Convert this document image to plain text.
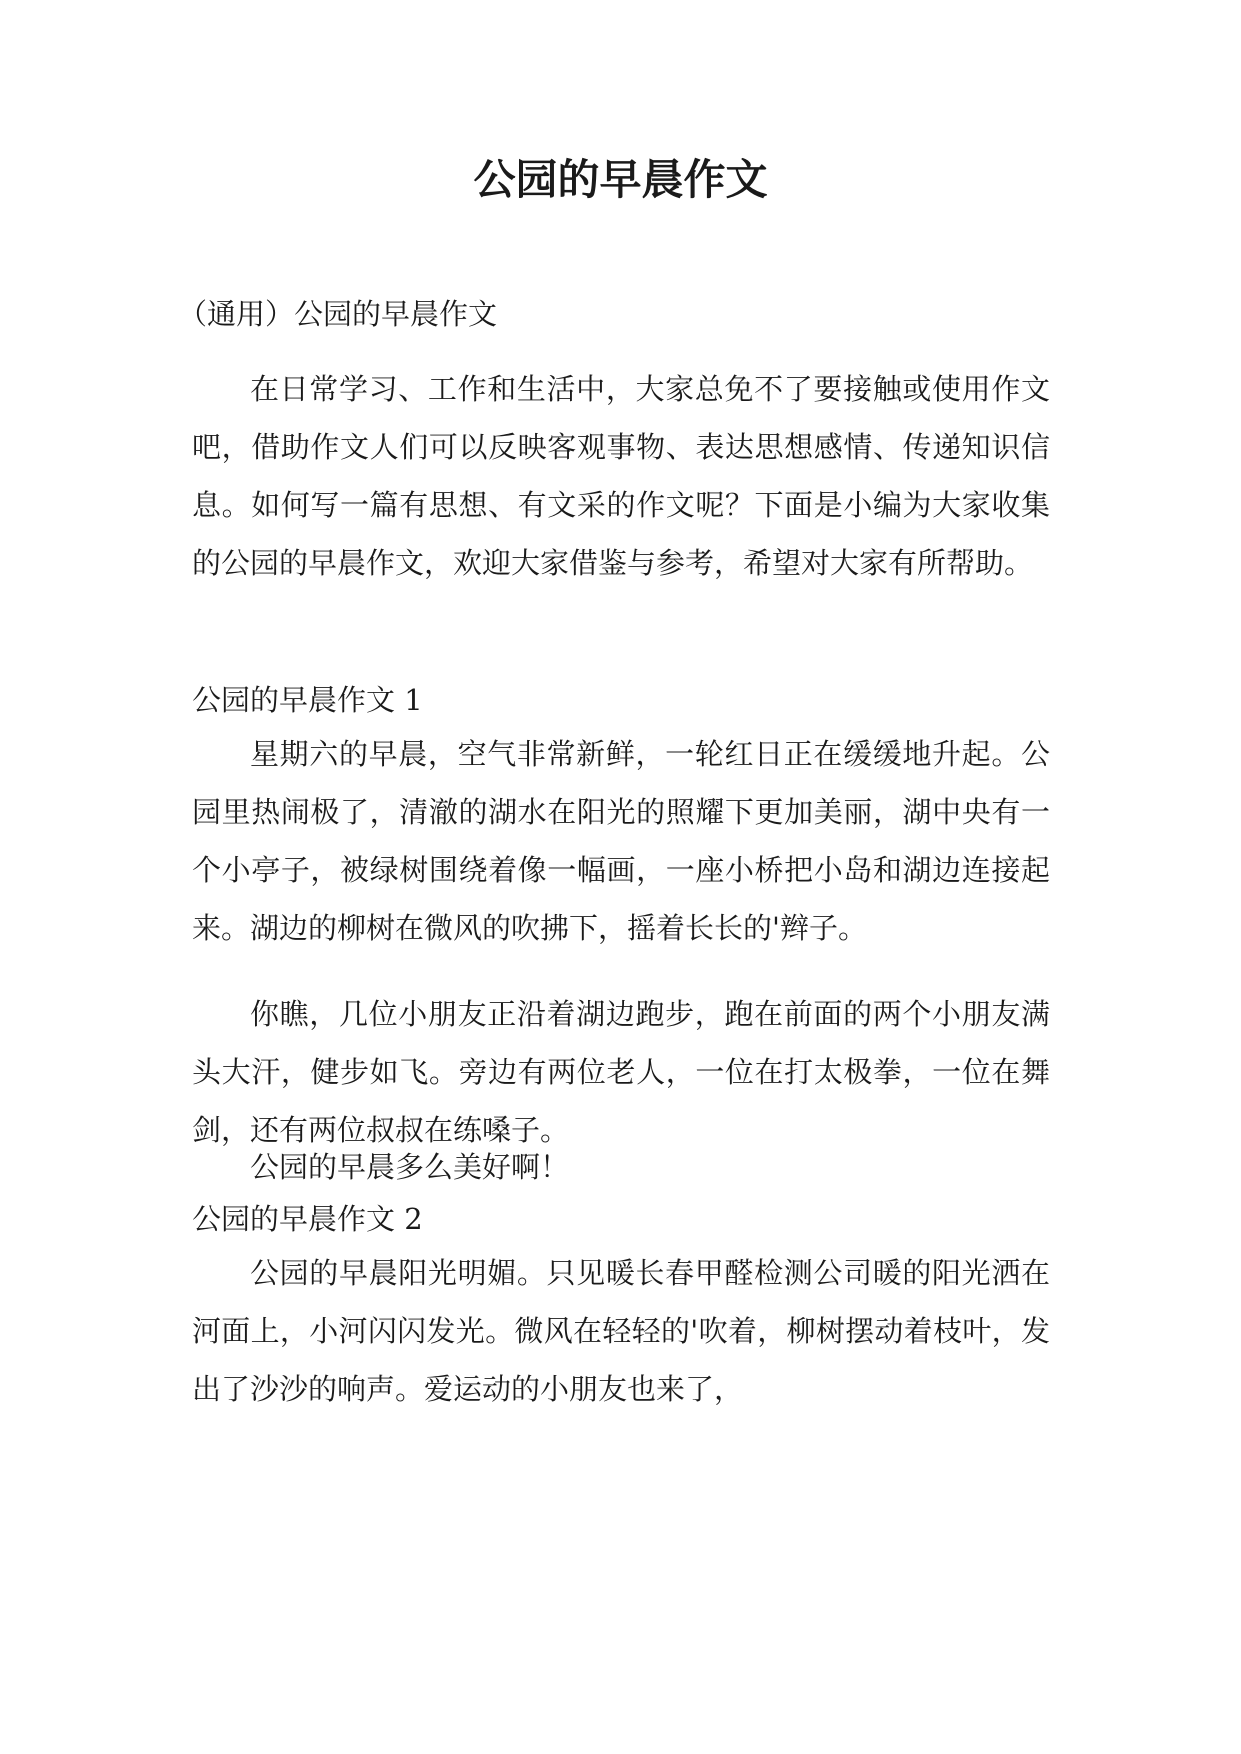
公园的早晨作文

（通用）公园的早晨作文

在日常学习、工作和生活中，大家总免不了要接触或使用作文吧，借助作文人们可以反映客观事物、表达思想感情、传递知识信息。如何写一篇有思想、有文采的作文呢？下面是小编为大家收集的公园的早晨作文，欢迎大家借鉴与参考，希望对大家有所帮助。

公园的早晨作文 1

星期六的早晨，空气非常新鲜，一轮红日正在缓缓地升起。公园里热闹极了，清澈的湖水在阳光的照耀下更加美丽，湖中央有一个小亭子，被绿树围绕着像一幅画，一座小桥把小岛和湖边连接起来。湖边的柳树在微风的吹拂下，摇着长长的'辫子。

你瞧，几位小朋友正沿着湖边跑步，跑在前面的两个小朋友满头大汗，健步如飞。旁边有两位老人，一位在打太极拳，一位在舞剑，还有两位叔叔在练嗓子。

公园的早晨多么美好啊！

公园的早晨作文 2

公园的早晨阳光明媚。只见暖长春甲醛检测公司暖的阳光洒在河面上，小河闪闪发光。微风在轻轻的'吹着，柳树摆动着枝叶，发出了沙沙的响声。爱运动的小朋友也来了，
